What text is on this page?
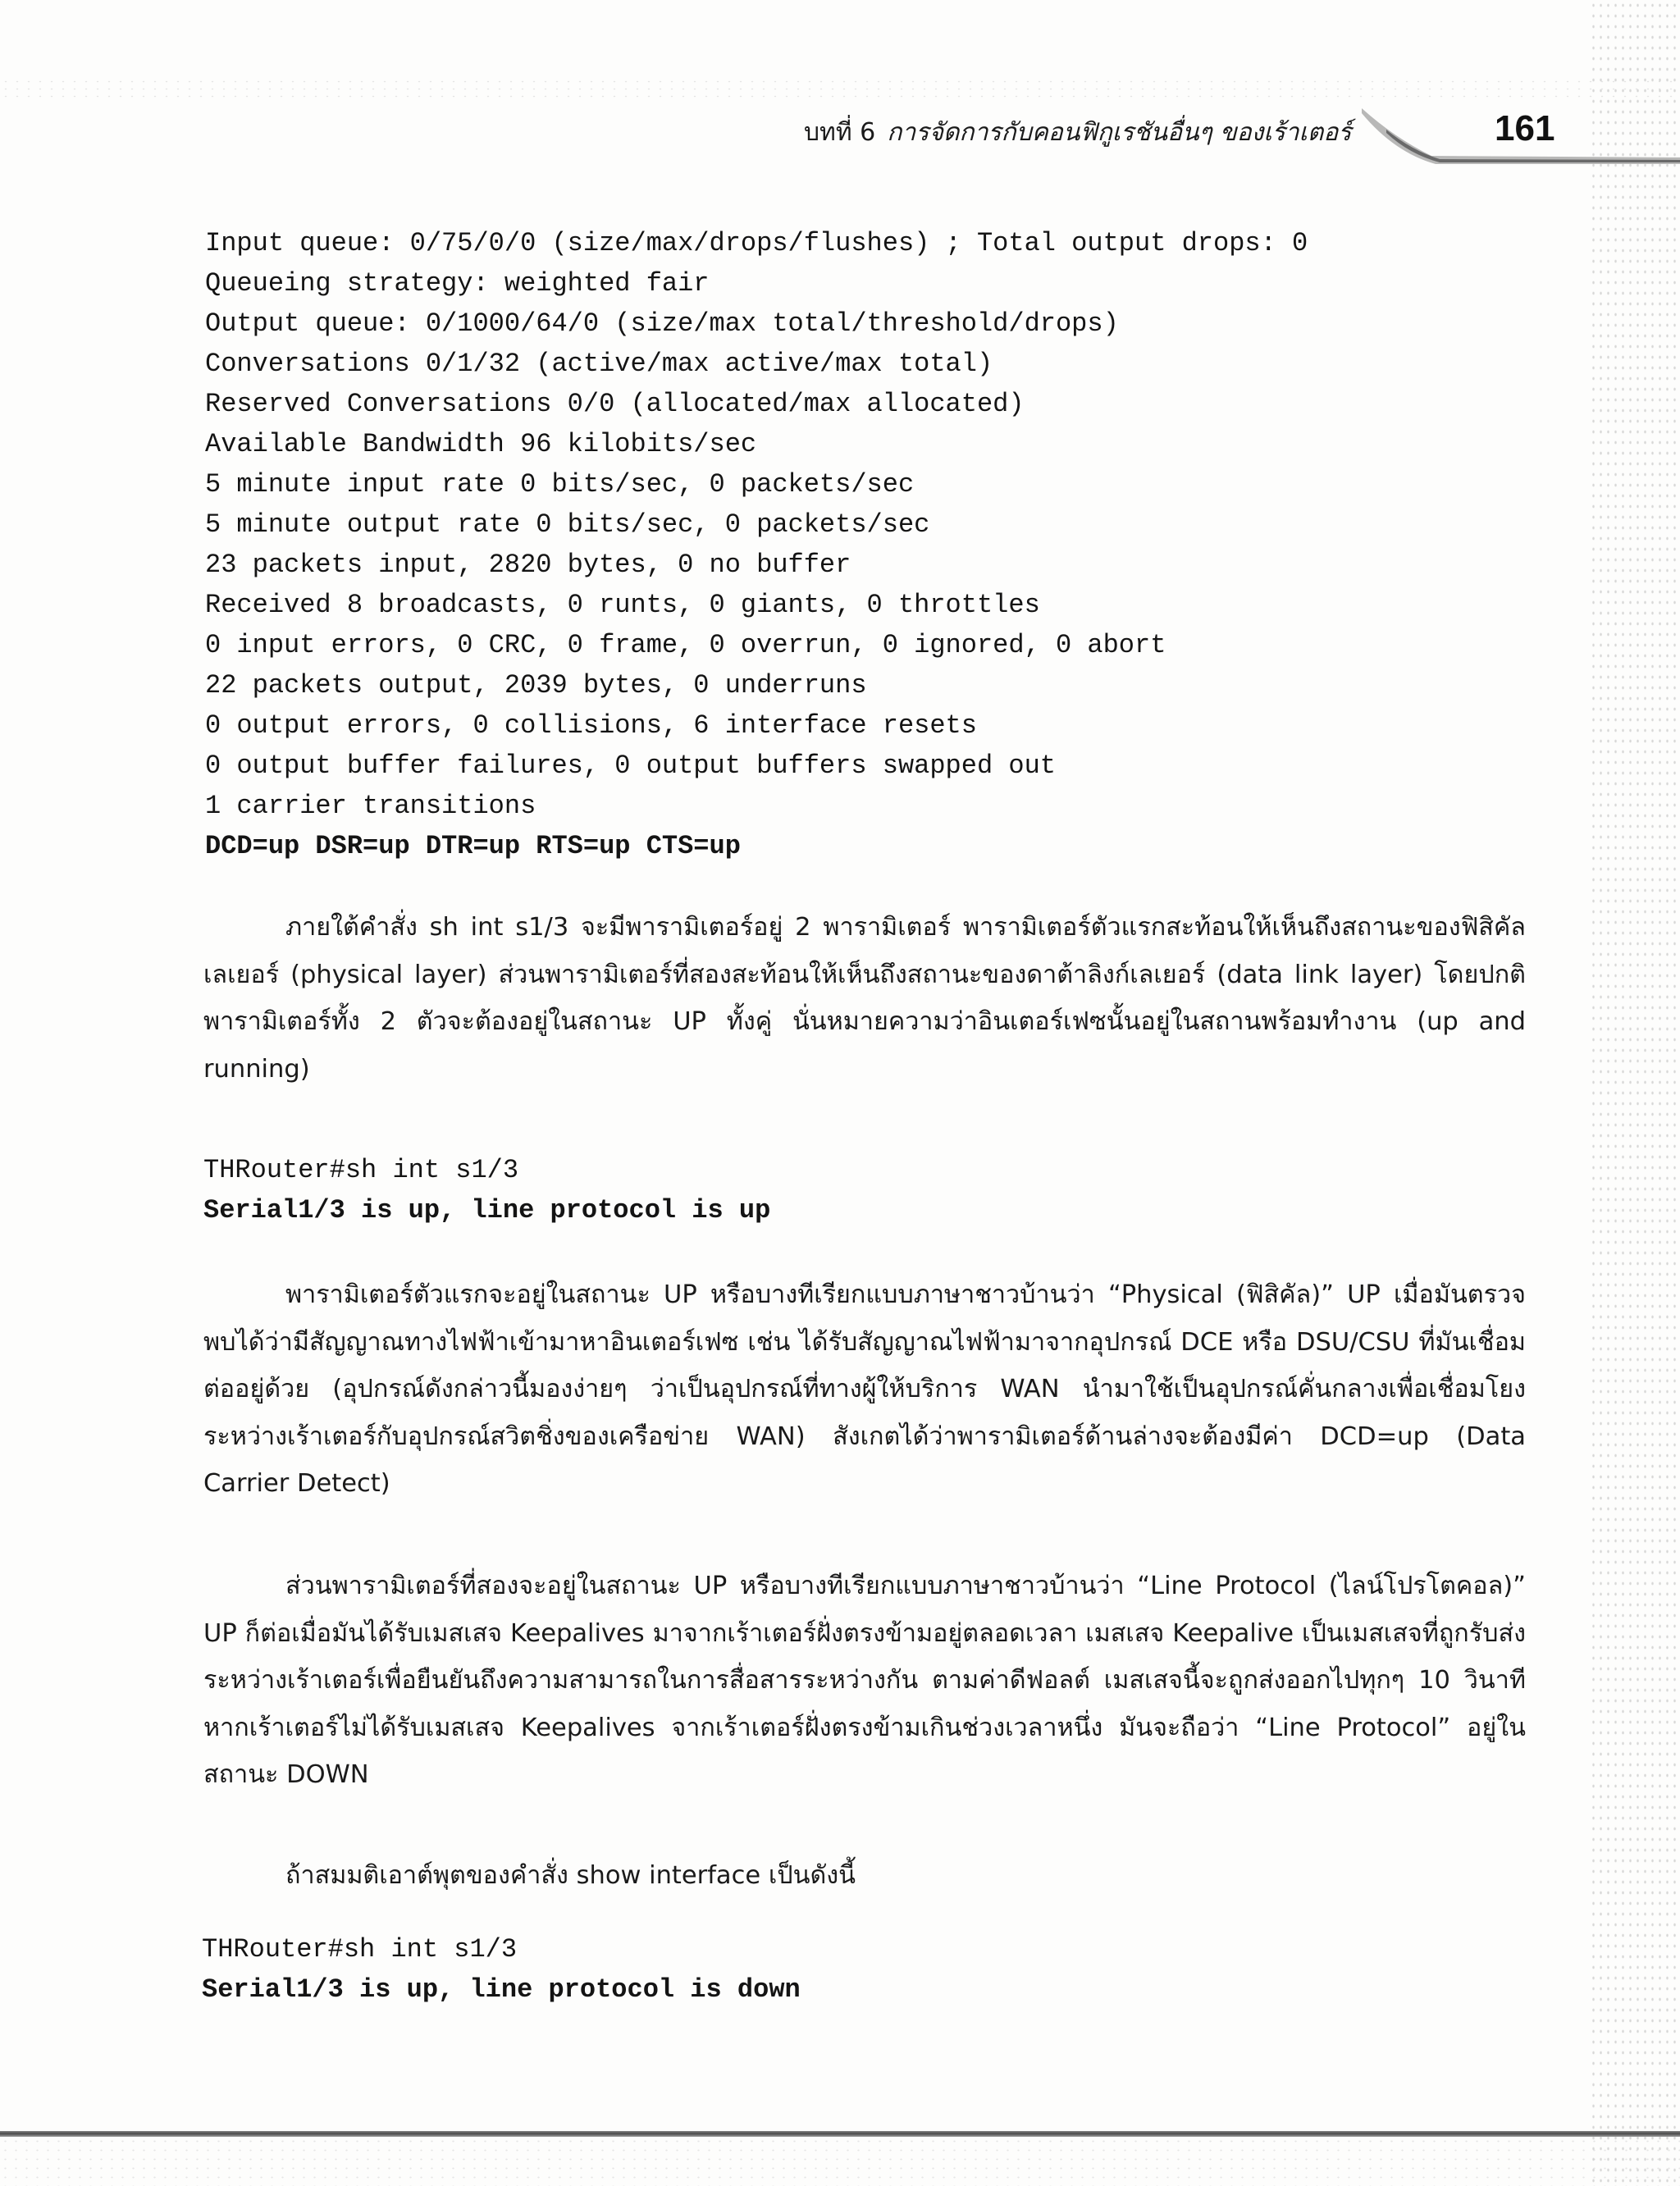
บทที่ 6 การจัดการกับคอนฟิกูเรชันอื่นๆ ของเร้าเตอร์	161
Input queue: 0/75/0/0 (size/max/drops/flushes) ; Total output drops: 0
Queueing strategy: weighted fair
Output queue: 0/1000/64/0 (size/max total/threshold/drops)
Conversations 0/1/32 (active/max active/max total)
Reserved Conversations 0/0 (allocated/max allocated)
Available Bandwidth 96 kilobits/sec
5 minute input rate 0 bits/sec, 0 packets/sec
5 minute output rate 0 bits/sec, 0 packets/sec
23 packets input, 2820 bytes, 0 no buffer
Received 8 broadcasts, 0 runts, 0 giants, 0 throttles
0 input errors, 0 CRC, 0 frame, 0 overrun, 0 ignored, 0 abort
22 packets output, 2039 bytes, 0 underruns
0 output errors, 0 collisions, 6 interface resets
0 output buffer failures, 0 output buffers swapped out
1 carrier transitions
DCD=up DSR=up DTR=up RTS=up CTS=up

ภายใต้คำสั่ง sh int s1/3 จะมีพารามิเตอร์อยู่ 2 พารามิเตอร์ พารามิเตอร์ตัวแรกสะท้อนให้เห็นถึงสถานะของฟิสิคัลเลเยอร์ (physical layer) ส่วนพารามิเตอร์ที่สองสะท้อนให้เห็นถึงสถานะของดาต้าลิงก์เลเยอร์ (data link layer) โดยปกติ พารามิเตอร์ทั้ง 2 ตัวจะต้องอยู่ในสถานะ UP ทั้งคู่ นั่นหมายความว่าอินเตอร์เฟซนั้นอยู่ในสถานพร้อมทำงาน (up and running)

THRouter#sh int s1/3
Serial1/3 is up, line protocol is up

พารามิเตอร์ตัวแรกจะอยู่ในสถานะ UP หรือบางทีเรียกแบบภาษาชาวบ้านว่า “Physical (ฟิสิคัล)” UP เมื่อมันตรวจพบได้ว่ามีสัญญาณทางไฟฟ้าเข้ามาหาอินเตอร์เฟซ เช่น ได้รับสัญญาณไฟฟ้ามาจากอุปกรณ์ DCE หรือ DSU/CSU ที่มันเชื่อมต่ออยู่ด้วย (อุปกรณ์ดังกล่าวนี้มองง่ายๆ ว่าเป็นอุปกรณ์ที่ทางผู้ให้บริการ WAN นำมาใช้เป็นอุปกรณ์คั่นกลางเพื่อเชื่อมโยงระหว่างเร้าเตอร์กับอุปกรณ์สวิตชิ่งของเครือข่าย WAN) สังเกตได้ว่าพารามิเตอร์ด้านล่างจะต้องมีค่า DCD=up (Data Carrier Detect)

ส่วนพารามิเตอร์ที่สองจะอยู่ในสถานะ UP หรือบางทีเรียกแบบภาษาชาวบ้านว่า “Line Protocol (ไลน์โปรโตคอล)” UP ก็ต่อเมื่อมันได้รับเมสเสจ Keepalives มาจากเร้าเตอร์ฝั่งตรงข้ามอยู่ตลอดเวลา เมสเสจ Keepalive เป็นเมสเสจที่ถูกรับส่งระหว่างเร้าเตอร์เพื่อยืนยันถึงความสามารถในการสื่อสารระหว่างกัน ตามค่าดีฟอลต์ เมสเสจนี้จะถูกส่งออกไปทุกๆ 10 วินาที หากเร้าเตอร์ไม่ได้รับเมสเสจ Keepalives จากเร้าเตอร์ฝั่งตรงข้ามเกินช่วงเวลาหนึ่ง มันจะถือว่า “Line Protocol” อยู่ในสถานะ DOWN

ถ้าสมมติเอาต์พุตของคำสั่ง show interface เป็นดังนี้

THRouter#sh int s1/3
Serial1/3 is up, line protocol is down
